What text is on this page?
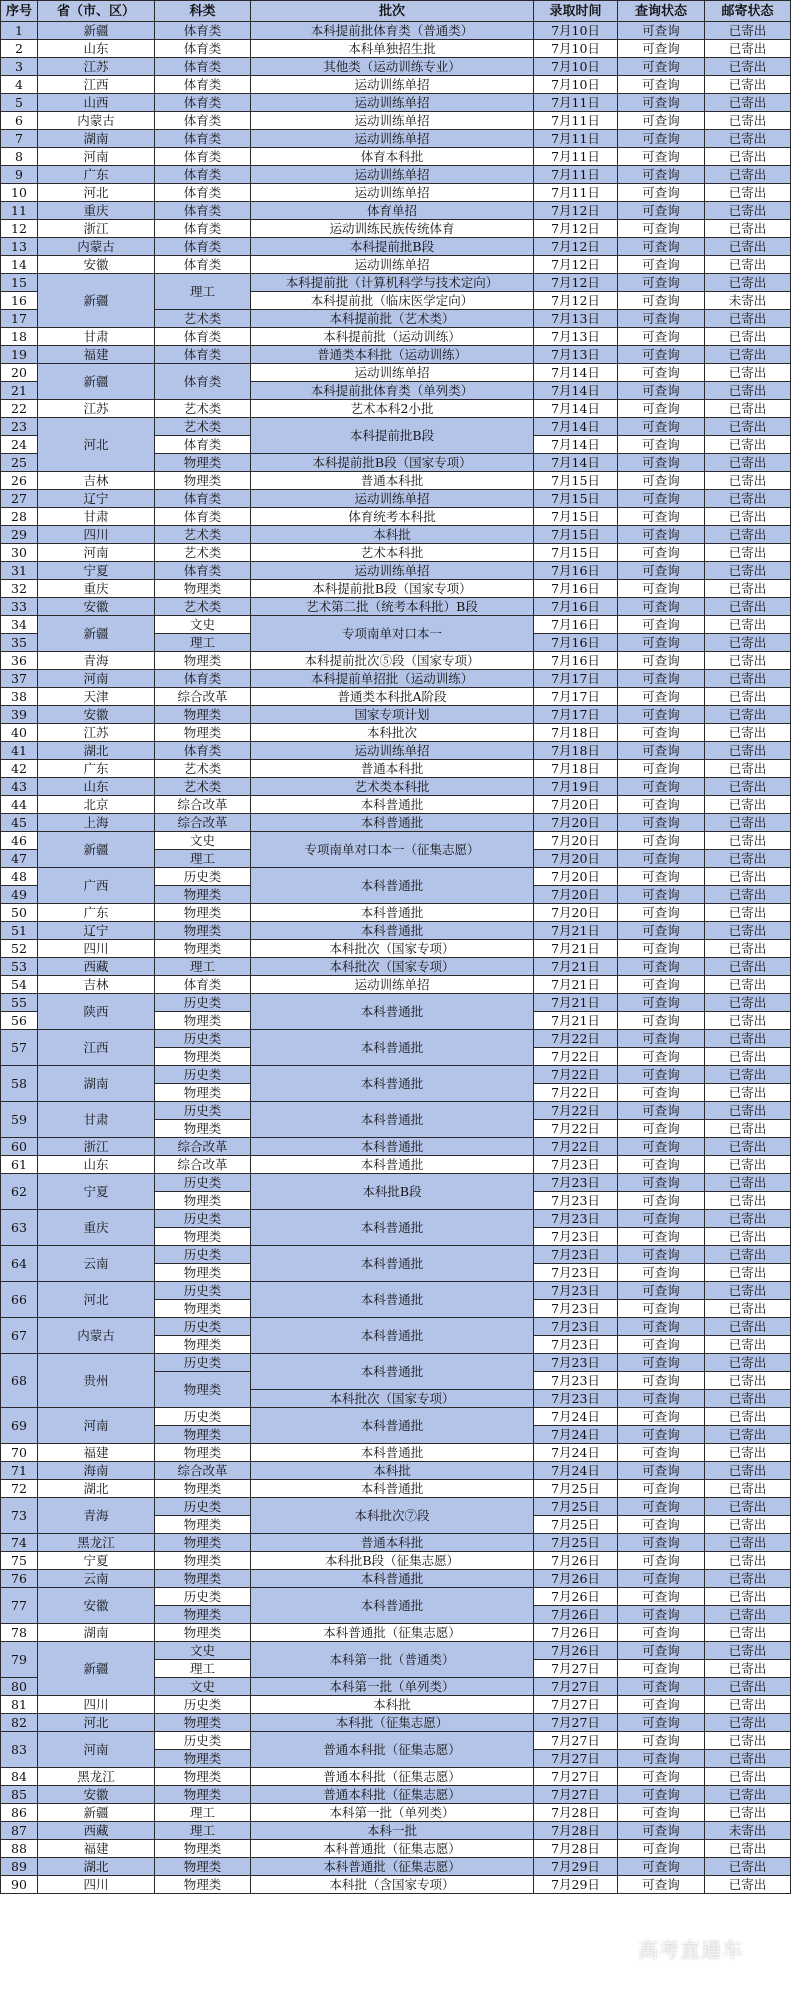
序号	省（市、区）	科类	批次	录取时间	查询状态	邮寄状态
1	新疆	体育类	本科提前批体育类（普通类）	7月10日	可查询	已寄出
2	山东	体育类	本科单独招生批	7月10日	可查询	已寄出
3	江苏	体育类	其他类（运动训练专业）	7月10日	可查询	已寄出
4	江西	体育类	运动训练单招	7月10日	可查询	已寄出
5	山西	体育类	运动训练单招	7月11日	可查询	已寄出
6	内蒙古	体育类	运动训练单招	7月11日	可查询	已寄出
7	湖南	体育类	运动训练单招	7月11日	可查询	已寄出
8	河南	体育类	体育本科批	7月11日	可查询	已寄出
9	广东	体育类	运动训练单招	7月11日	可查询	已寄出
10	河北	体育类	运动训练单招	7月11日	可查询	已寄出
11	重庆	体育类	体育单招	7月12日	可查询	已寄出
12	浙江	体育类	运动训练民族传统体育	7月12日	可查询	已寄出
13	内蒙古	体育类	本科提前批B段	7月12日	可查询	已寄出
14	安徽	体育类	运动训练单招	7月12日	可查询	已寄出
15	新疆	理工	本科提前批（计算机科学与技术定向）	7月12日	可查询	已寄出
16			本科提前批（临床医学定向）	7月12日	可查询	未寄出
17		艺术类	本科提前批（艺术类）	7月13日	可查询	已寄出
18	甘肃	体育类	本科提前批（运动训练）	7月13日	可查询	已寄出
19	福建	体育类	普通类本科批（运动训练）	7月13日	可查询	已寄出
20	新疆	体育类	运动训练单招	7月14日	可查询	已寄出
21			本科提前批体育类（单列类）	7月14日	可查询	已寄出
22	江苏	艺术类	艺术本科2小批	7月14日	可查询	已寄出
23	河北	艺术类	本科提前批B段	7月14日	可查询	已寄出
24		体育类		7月14日	可查询	已寄出
25		物理类	本科提前批B段（国家专项）	7月14日	可查询	已寄出
26	吉林	物理类	普通本科批	7月15日	可查询	已寄出
27	辽宁	体育类	运动训练单招	7月15日	可查询	已寄出
28	甘肃	体育类	体育统考本科批	7月15日	可查询	已寄出
29	四川	艺术类	本科批	7月15日	可查询	已寄出
30	河南	艺术类	艺术本科批	7月15日	可查询	已寄出
31	宁夏	体育类	运动训练单招	7月16日	可查询	已寄出
32	重庆	物理类	本科提前批B段（国家专项）	7月16日	可查询	已寄出
33	安徽	艺术类	艺术第二批（统考本科批）B段	7月16日	可查询	已寄出
34	新疆	文史	专项南单对口本一	7月16日	可查询	已寄出
35		理工		7月16日	可查询	已寄出
36	青海	物理类	本科提前批次⑤段（国家专项）	7月16日	可查询	已寄出
37	河南	体育类	本科提前单招批（运动训练）	7月17日	可查询	已寄出
38	天津	综合改革	普通类本科批A阶段	7月17日	可查询	已寄出
39	安徽	物理类	国家专项计划	7月17日	可查询	已寄出
40	江苏	物理类	本科批次	7月18日	可查询	已寄出
41	湖北	体育类	运动训练单招	7月18日	可查询	已寄出
42	广东	艺术类	普通本科批	7月18日	可查询	已寄出
43	山东	艺术类	艺术类本科批	7月19日	可查询	已寄出
44	北京	综合改革	本科普通批	7月20日	可查询	已寄出
45	上海	综合改革	本科普通批	7月20日	可查询	已寄出
46	新疆	文史	专项南单对口本一（征集志愿）	7月20日	可查询	已寄出
47		理工		7月20日	可查询	已寄出
48	广西	历史类	本科普通批	7月20日	可查询	已寄出
49		物理类		7月20日	可查询	已寄出
50	广东	物理类	本科普通批	7月20日	可查询	已寄出
51	辽宁	物理类	本科普通批	7月21日	可查询	已寄出
52	四川	物理类	本科批次（国家专项）	7月21日	可查询	已寄出
53	西藏	理工	本科批次（国家专项）	7月21日	可查询	已寄出
54	吉林	体育类	运动训练单招	7月21日	可查询	已寄出
55	陕西	历史类	本科普通批	7月21日	可查询	已寄出
56		物理类		7月21日	可查询	已寄出
57	江西	历史类	本科普通批	7月22日	可查询	已寄出
		物理类		7月22日	可查询	已寄出
58	湖南	历史类	本科普通批	7月22日	可查询	已寄出
		物理类		7月22日	可查询	已寄出
59	甘肃	历史类	本科普通批	7月22日	可查询	已寄出
		物理类		7月22日	可查询	已寄出
60	浙江	综合改革	本科普通批	7月22日	可查询	已寄出
61	山东	综合改革	本科普通批	7月23日	可查询	已寄出
62	宁夏	历史类	本科批B段	7月23日	可查询	已寄出
		物理类		7月23日	可查询	已寄出
63	重庆	历史类	本科普通批	7月23日	可查询	已寄出
		物理类		7月23日	可查询	已寄出
64	云南	历史类	本科普通批	7月23日	可查询	已寄出
		物理类		7月23日	可查询	已寄出
66	河北	历史类	本科普通批	7月23日	可查询	已寄出
		物理类		7月23日	可查询	已寄出
67	内蒙古	历史类	本科普通批	7月23日	可查询	已寄出
		物理类		7月23日	可查询	已寄出
68	贵州	历史类	本科普通批	7月23日	可查询	已寄出
		物理类		7月23日	可查询	已寄出
			本科批次（国家专项）	7月23日	可查询	已寄出
69	河南	历史类	本科普通批	7月24日	可查询	已寄出
		物理类		7月24日	可查询	已寄出
70	福建	物理类	本科普通批	7月24日	可查询	已寄出
71	海南	综合改革	本科批	7月24日	可查询	已寄出
72	湖北	物理类	本科普通批	7月25日	可查询	已寄出
73	青海	历史类	本科批次⑦段	7月25日	可查询	已寄出
		物理类		7月25日	可查询	已寄出
74	黑龙江	物理类	普通本科批	7月25日	可查询	已寄出
75	宁夏	物理类	本科批B段（征集志愿）	7月26日	可查询	已寄出
76	云南	物理类	本科普通批	7月26日	可查询	已寄出
77	安徽	历史类	本科普通批	7月26日	可查询	已寄出
		物理类		7月26日	可查询	已寄出
78	湖南	物理类	本科普通批（征集志愿）	7月26日	可查询	已寄出
79	新疆	文史	本科第一批（普通类）	7月26日	可查询	已寄出
		理工		7月27日	可查询	已寄出
80		文史	本科第一批（单列类）	7月27日	可查询	已寄出
81	四川	历史类	本科批	7月27日	可查询	已寄出
82	河北	物理类	本科批（征集志愿）	7月27日	可查询	已寄出
83	河南	历史类	普通本科批（征集志愿）	7月27日	可查询	已寄出
		物理类		7月27日	可查询	已寄出
84	黑龙江	物理类	普通本科批（征集志愿）	7月27日	可查询	已寄出
85	安徽	物理类	普通本科批（征集志愿）	7月27日	可查询	已寄出
86	新疆	理工	本科第一批（单列类）	7月28日	可查询	已寄出
87	西藏	理工	本科一批	7月28日	可查询	未寄出
88	福建	物理类	本科普通批（征集志愿）	7月28日	可查询	已寄出
89	湖北	物理类	本科普通批（征集志愿）	7月29日	可查询	已寄出
90	四川	物理类	本科批（含国家专项）	7月29日	可查询	已寄出
高考直通车
